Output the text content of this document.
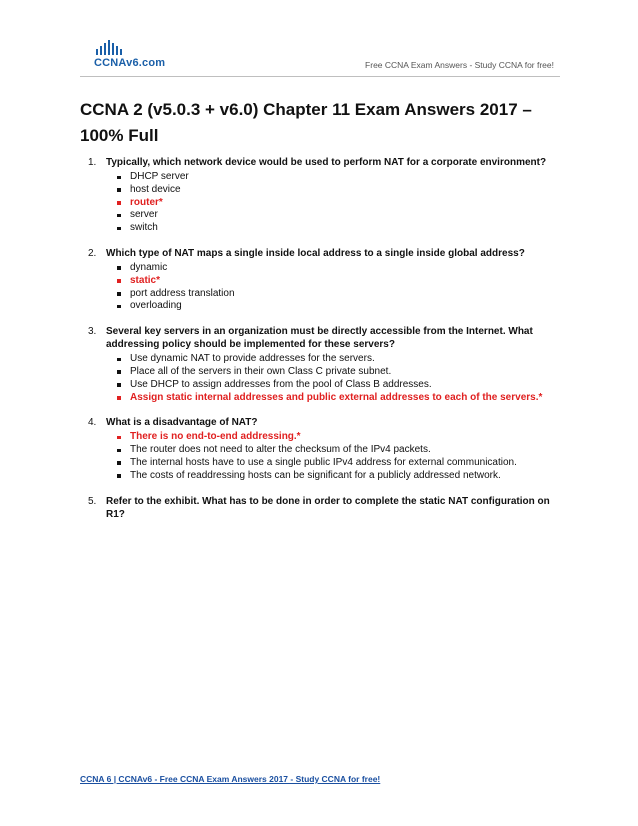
CCNAv6.com	Free CCNA Exam Answers - Study CCNA for free!
CCNA 2 (v5.0.3 + v6.0) Chapter 11 Exam Answers 2017 – 100% Full
1. Typically, which network device would be used to perform NAT for a corporate environment?
DHCP server
host device
router*
server
switch
2. Which type of NAT maps a single inside local address to a single inside global address?
dynamic
static*
port address translation
overloading
3. Several key servers in an organization must be directly accessible from the Internet. What addressing policy should be implemented for these servers?
Use dynamic NAT to provide addresses for the servers.
Place all of the servers in their own Class C private subnet.
Use DHCP to assign addresses from the pool of Class B addresses.
Assign static internal addresses and public external addresses to each of the servers.*
4. What is a disadvantage of NAT?
There is no end-to-end addressing.*
The router does not need to alter the checksum of the IPv4 packets.
The internal hosts have to use a single public IPv4 address for external communication.
The costs of readdressing hosts can be significant for a publicly addressed network.
5. Refer to the exhibit. What has to be done in order to complete the static NAT configuration on R1?
CCNA 6 | CCNAv6 - Free CCNA Exam Answers 2017 - Study CCNA for free!
